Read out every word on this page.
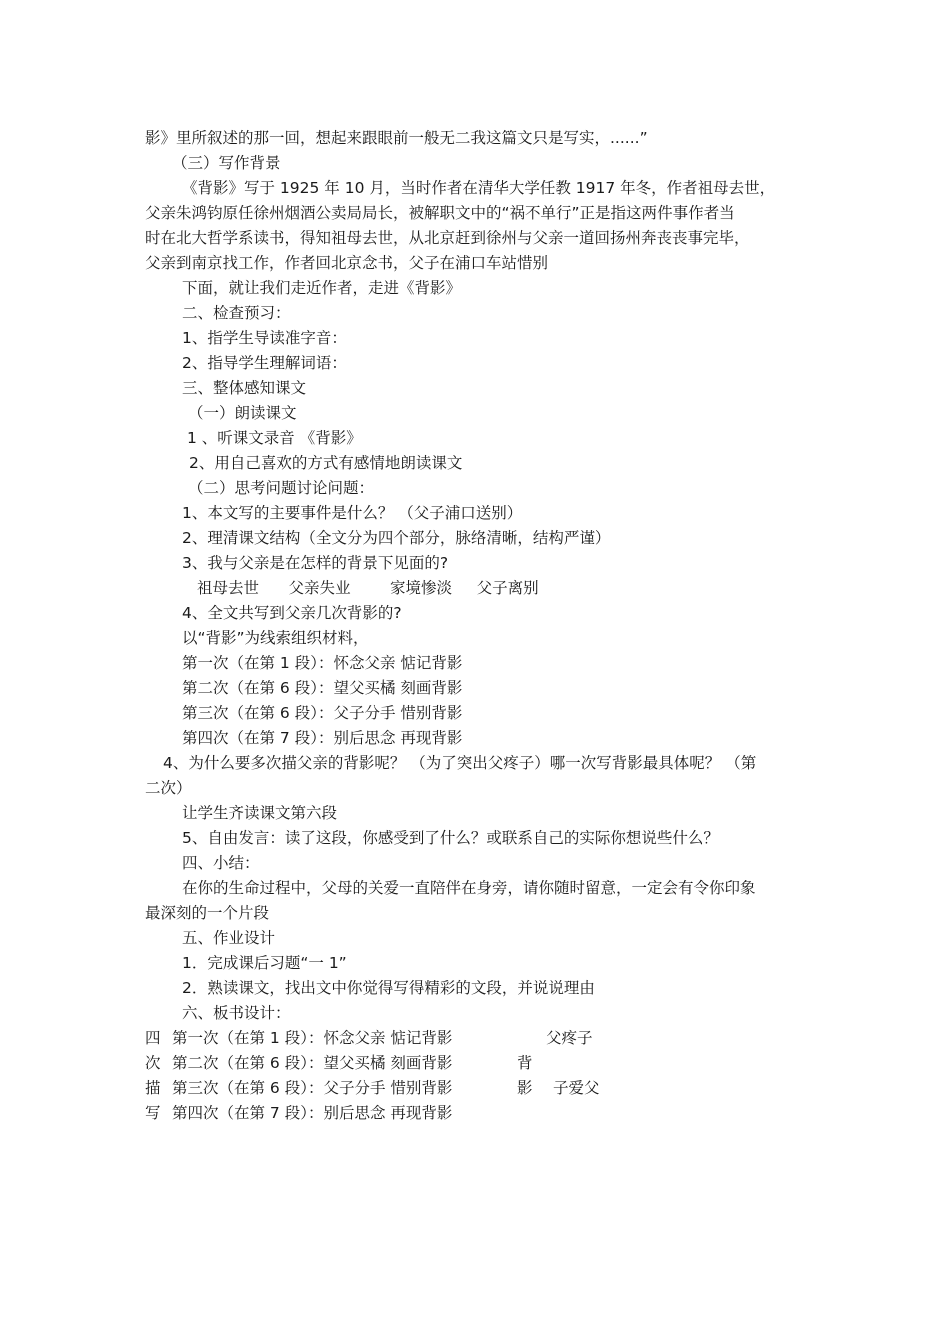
影》里所叙述的那一回，想起来跟眼前一般无二我这篇文只是写实，......”
（三）写作背景
《背影》写于 1925 年 10 月，当时作者在清华大学任教 1917 年冬，作者祖母去世，
父亲朱鸿钧原任徐州烟酒公卖局局长，被解职文中的“祸不单行”正是指这两件事作者当
时在北大哲学系读书，得知祖母去世，从北京赶到徐州与父亲一道回扬州奔丧丧事完毕，
父亲到南京找工作，作者回北京念书，父子在浦口车站惜别
下面，就让我们走近作者，走进《背影》
二、检查预习：
1、指学生导读准字音：
2、指导学生理解词语：
三、整体感知课文
（一）朗读课文
1 、听课文录音 《背影》
2、用自己喜欢的方式有感情地朗读课文
（二）思考问题讨论问题：
1、本文写的主要事件是什么？ （父子浦口送别）
2、理清课文结构（全文分为四个部分，脉络清晰，结构严谨）
3、我与父亲是在怎样的背景下见面的?
祖母去世      父亲失业        家境惨淡     父子离别
4、全文共写到父亲几次背影的?
以“背影”为线索组织材料，
第一次（在第 1 段）：怀念父亲 惦记背影
第二次（在第 6 段）：望父买橘 刻画背影
第三次（在第 6 段）：父子分手 惜别背影
第四次（在第 7 段）：别后思念 再现背影
4、为什么要多次描父亲的背影呢？ （为了突出父疼子）哪一次写背影最具体呢？ （第
二次）
让学生齐读课文第六段
5、自由发言：读了这段，你感受到了什么？或联系自己的实际你想说些什么？
四、小结：
在你的生命过程中，父母的关爱一直陪伴在身旁，请你随时留意，一定会有令你印象
最深刻的一个片段
五、作业设计
1．完成课后习题“一 1”
2．熟读课文，找出文中你觉得写得精彩的文段，并说说理由
六、板书设计：
四 第一次（在第 1 段）：怀念父亲 惦记背影	父疼子
次 第二次（在第 6 段）：望父买橘 刻画背影	背
描 第三次（在第 6 段）：父子分手 惜别背影	影 子爱父
写 第四次（在第 7 段）：别后思念 再现背影
